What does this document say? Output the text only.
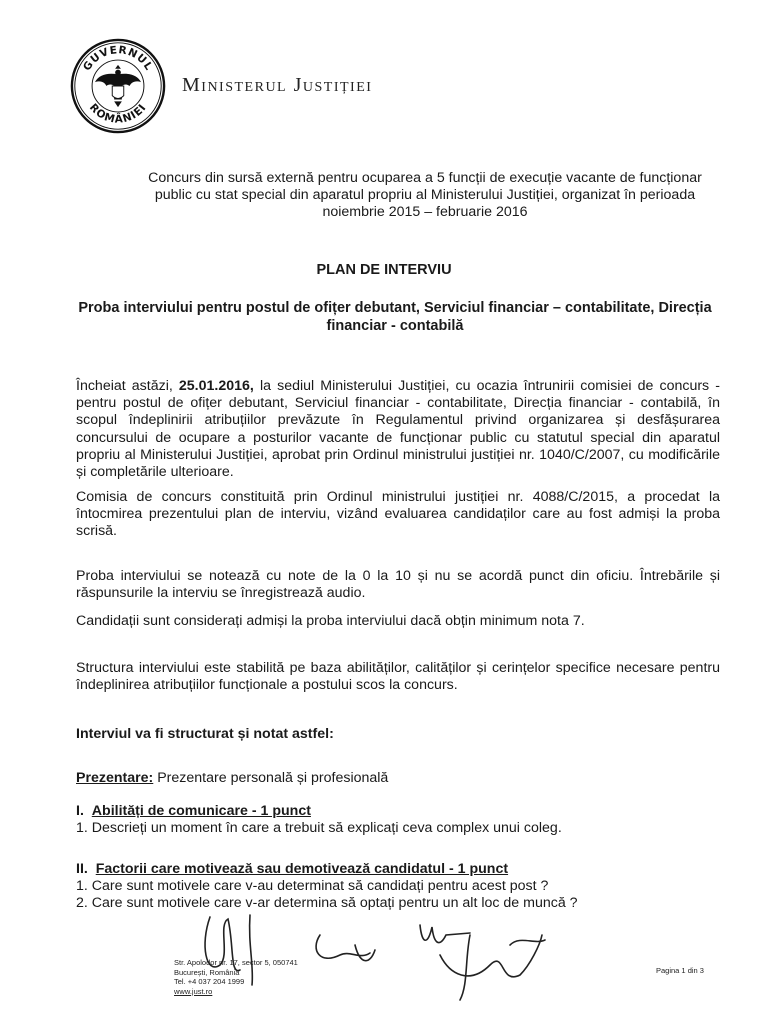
GUVERNUL
ROMÂNIEI
Ministerul Justiției
Concurs din sursă externă pentru ocuparea a 5 funcții de execuție vacante de funcționar public cu stat special din aparatul propriu al Ministerului Justiției, organizat în perioada noiembrie 2015 – februarie 2016
PLAN DE INTERVIU
Proba interviului pentru postul de ofițer debutant, Serviciul financiar – contabilitate, Direcția financiar - contabilă
Încheiat astăzi, 25.01.2016, la sediul Ministerului Justiției, cu ocazia întrunirii comisiei de concurs - pentru postul de ofițer debutant, Serviciul financiar - contabilitate, Direcția financiar - contabilă, în scopul îndeplinirii atribuțiilor prevăzute în Regulamentul privind organizarea și desfășurarea concursului de ocupare a posturilor vacante de funcționar public cu statutul special din aparatul propriu al Ministerului Justiției, aprobat prin Ordinul ministrului justiției nr. 1040/C/2007, cu modificările și completările ulterioare.
Comisia de concurs constituită prin Ordinul ministrului justiției nr. 4088/C/2015, a procedat la întocmirea prezentului plan de interviu, vizând evaluarea candidaților care au fost admiși la proba scrisă.
Proba interviului se notează cu note de la 0 la 10 și nu se acordă punct din oficiu. Întrebările și răspunsurile la interviu se înregistrează audio.
Candidații sunt considerați admiși la proba interviului dacă obțin minimum nota 7.
Structura interviului este stabilită pe baza abilităților, calităților și cerințelor specifice necesare pentru îndeplinirea atribuțiilor funcționale a postului scos la concurs.
Interviul va fi structurat și notat astfel:
Prezentare: Prezentare personală și profesională
I. Abilități de comunicare - 1 punct
1. Descrieți un moment în care a trebuit să explicați ceva complex unui coleg.
II. Factorii care motivează sau demotivează candidatul - 1 punct
1. Care sunt motivele care v-au determinat să candidați pentru acest post ?
2. Care sunt motivele care v-ar determina să optați pentru un alt loc de muncă ?
Str. Apolodor nr. 17, sector 5, 050741
București, România
Tel. +4 037 204 1999
www.just.ro
Pagina 1 din 3
